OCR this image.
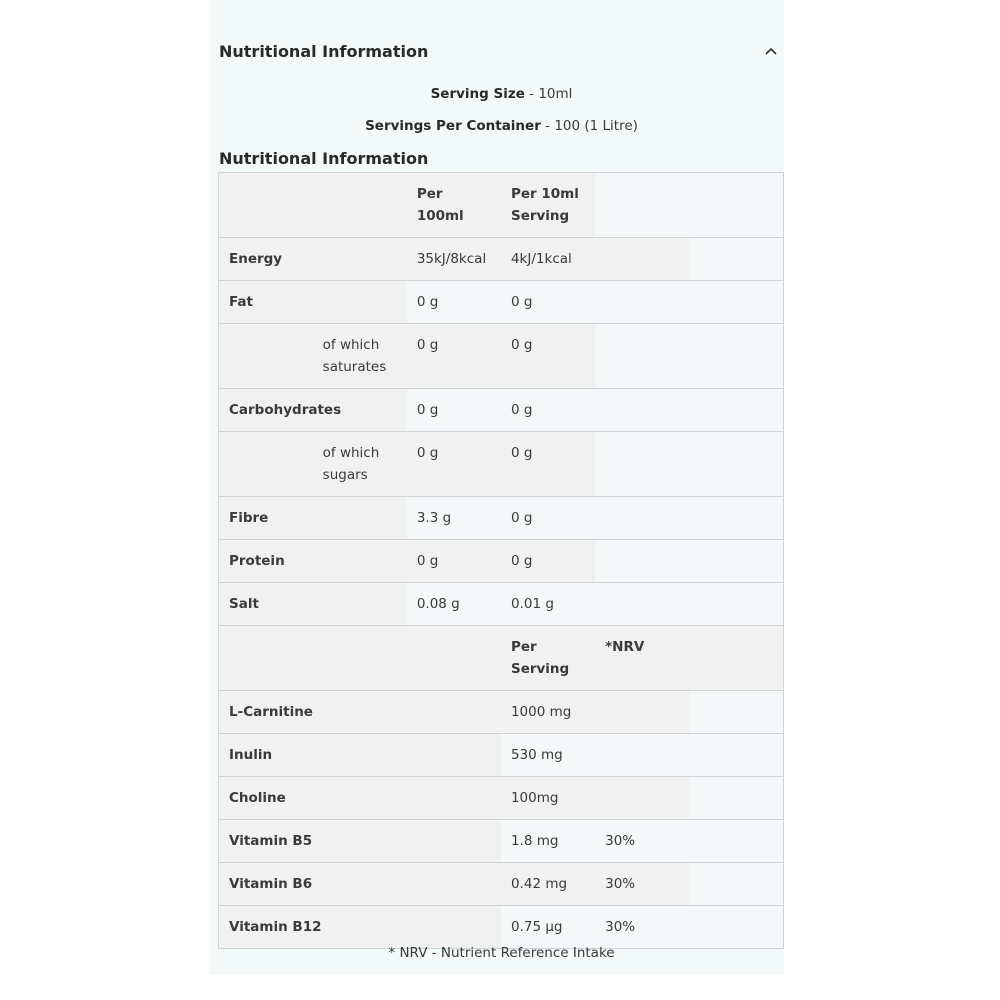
Nutritional Information
Serving Size - 10ml
Servings Per Container - 100 (1 Litre)
Nutritional Information

		Per 100ml	Per 10ml Serving		

Energy		35kJ/8kcal	4kJ/1kcal		

Fat		0 g	0 g		

	of which saturates	0 g	0 g		

Carbohydrates		0 g	0 g		

	of which sugars	0 g	0 g		

Fibre		3.3 g	0 g		

Protein		0 g	0 g		

Salt		0.08 g	0.01 g		

			Per Serving	*NRV	

L-Carnitine			1000 mg		

Inulin			530 mg		

Choline			100mg		

Vitamin B5			1.8 mg	30%	

Vitamin B6			0.42 mg	30%	

Vitamin B12			0.75 µg	30%	

* NRV - Nutrient Reference Intake
